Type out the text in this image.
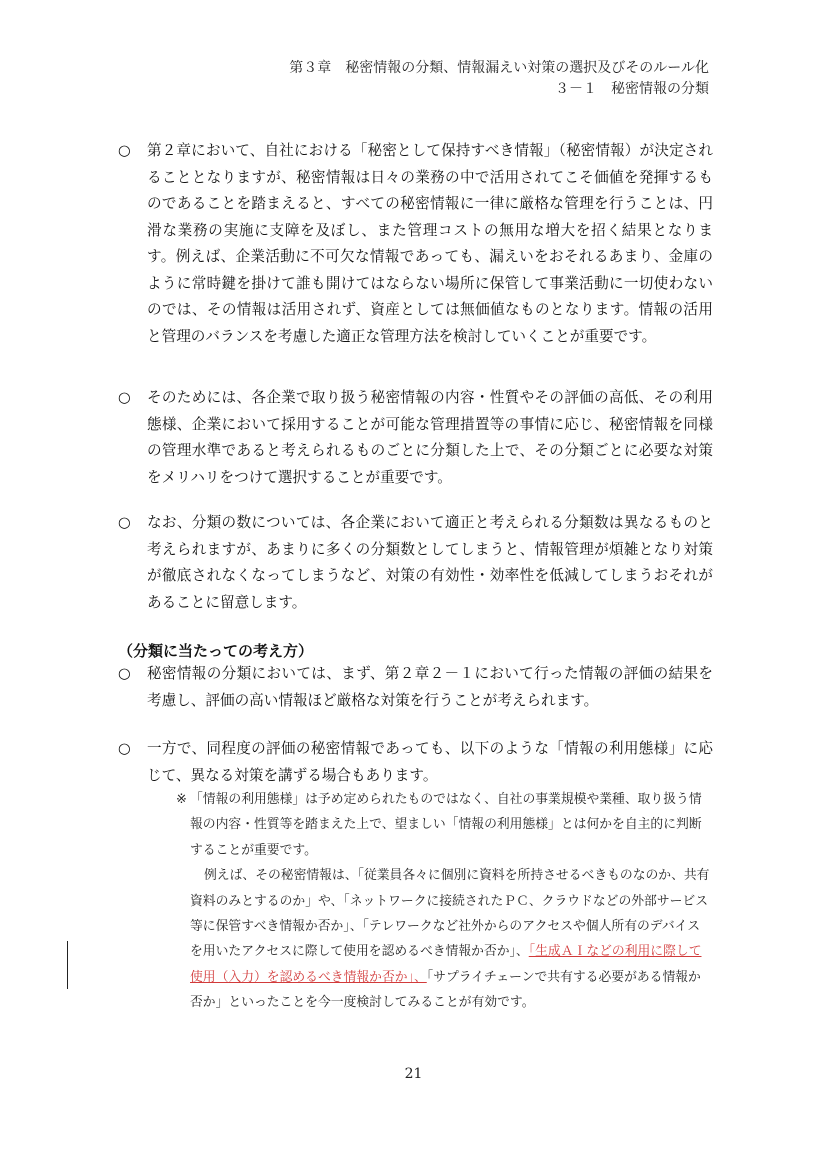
第３章　秘密情報の分類、情報漏えい対策の選択及びそのルール化
３－１　秘密情報の分類
○	第２章において、自社における「秘密として保持すべき情報」（秘密情報）が決定されることとなりますが、秘密情報は日々の業務の中で活用されてこそ価値を発揮するものであることを踏まえると、すべての秘密情報に一律に厳格な管理を行うことは、円滑な業務の実施に支障を及ぼし、また管理コストの無用な増大を招く結果となります。例えば、企業活動に不可欠な情報であっても、漏えいをおそれるあまり、金庫のように常時鍵を掛けて誰も開けてはならない場所に保管して事業活動に一切使わないのでは、その情報は活用されず、資産としては無価値なものとなります。情報の活用と管理のバランスを考慮した適正な管理方法を検討していくことが重要です。
○	そのためには、各企業で取り扱う秘密情報の内容・性質やその評価の高低、その利用態様、企業において採用することが可能な管理措置等の事情に応じ、秘密情報を同様の管理水準であると考えられるものごとに分類した上で、その分類ごとに必要な対策をメリハリをつけて選択することが重要です。
○	なお、分類の数については、各企業において適正と考えられる分類数は異なるものと考えられますが、あまりに多くの分類数としてしまうと、情報管理が煩雑となり対策が徹底されなくなってしまうなど、対策の有効性・効率性を低減してしまうおそれがあることに留意します。
（分類に当たっての考え方）
○	秘密情報の分類においては、まず、第２章２－１において行った情報の評価の結果を考慮し、評価の高い情報ほど厳格な対策を行うことが考えられます。
○	一方で、同程度の評価の秘密情報であっても、以下のような「情報の利用態様」に応じて、異なる対策を講ずる場合もあります。
※ 「情報の利用態様」は予め定められたものではなく、自社の事業規模や業種、取り扱う情報の内容・性質等を踏まえた上で、望ましい「情報の利用態様」とは何かを自主的に判断することが重要です。

例えば、その秘密情報は、「従業員各々に個別に資料を所持させるべきものなのか、共有資料のみとするのか」や、「ネットワークに接続されたＰＣ、クラウドなどの外部サービス等に保管すべき情報か否か」、「テレワークなど社外からのアクセスや個人所有のデバイスを用いたアクセスに際して使用を認めるべき情報か否か」、「生成ＡＩなどの利用に際して使用（入力）を認めるべき情報か否か」、「サプライチェーンで共有する必要がある情報か否か」といったことを今一度検討してみることが有効です。

21
